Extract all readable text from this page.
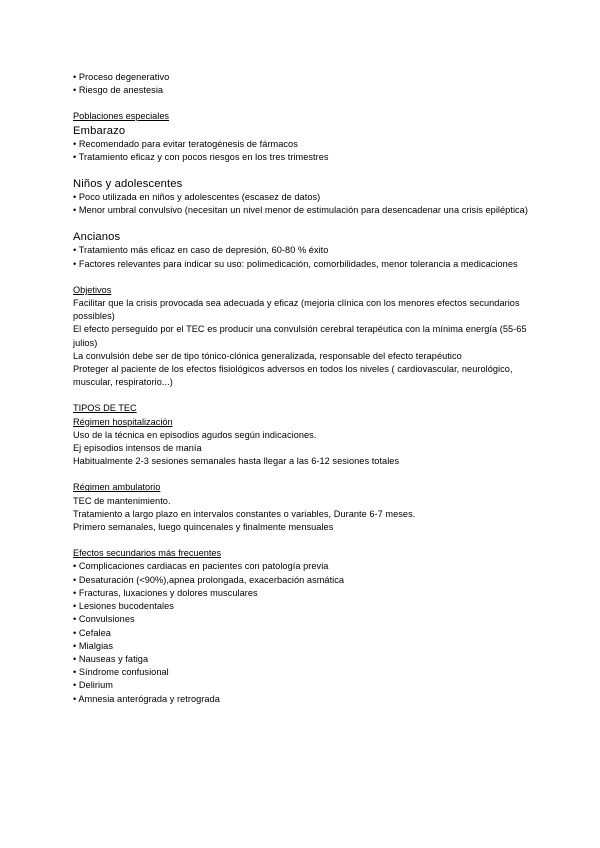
• Proceso degenerativo
• Riesgo de anestesia
Poblaciones especiales
Embarazo
• Recomendado para evitar teratogénesis de fármacos
• Tratamiento eficaz y con pocos riesgos en los tres trimestres
Niños y adolescentes
• Poco utilizada en niños y adolescentes (escasez de datos)
• Menor umbral convulsivo (necesitan un nivel menor de estimulación para desencadenar una crisis epiléptica)
Ancianos
• Tratamiento más eficaz en caso de depresión, 60-80 % éxito
• Factores relevantes para indicar su uso: polimedicación, comorbilidades, menor tolerancia a medicaciones
Objetivos
Facilitar que la crisis provocada sea adecuada y eficaz (mejoria clínica con los menores efectos secundarios possibles)
El efecto perseguido por el TEC es producir una convulsión cerebral terapéutica con la mínima energía (55-65 julios)
La convulsión debe ser de tipo tónico-clónica generalizada, responsable del efecto terapéutico
Proteger al paciente de los efectos fisiológicos adversos en todos los niveles ( cardiovascular, neurológico, muscular, respiratorio...)
TIPOS DE TEC
Régimen hospitalización
Uso de la técnica en episodios agudos según indicaciones.
Ej episodios intensos de manía
Habitualmente 2-3 sesiones semanales hasta llegar a las 6-12 sesiones totales
Régimen ambulatorio
TEC de mantenimiento.
Tratamiento a largo plazo en intervalos constantes o variables, Durante 6-7 meses.
Primero semanales, luego quincenales y finalmente mensuales
Efectos secundarios más frecuentes
• Complicaciones cardiacas en pacientes con patología previa
• Desaturación (<90%),apnea prolongada, exacerbación asmática
• Fracturas, luxaciones y dolores musculares
• Lesiones bucodentales
• Convulsiones
• Cefalea
• Mialgias
• Nauseas y fatiga
• Síndrome confusional
• Delirium
• Amnesia anterógrada y retrograda
